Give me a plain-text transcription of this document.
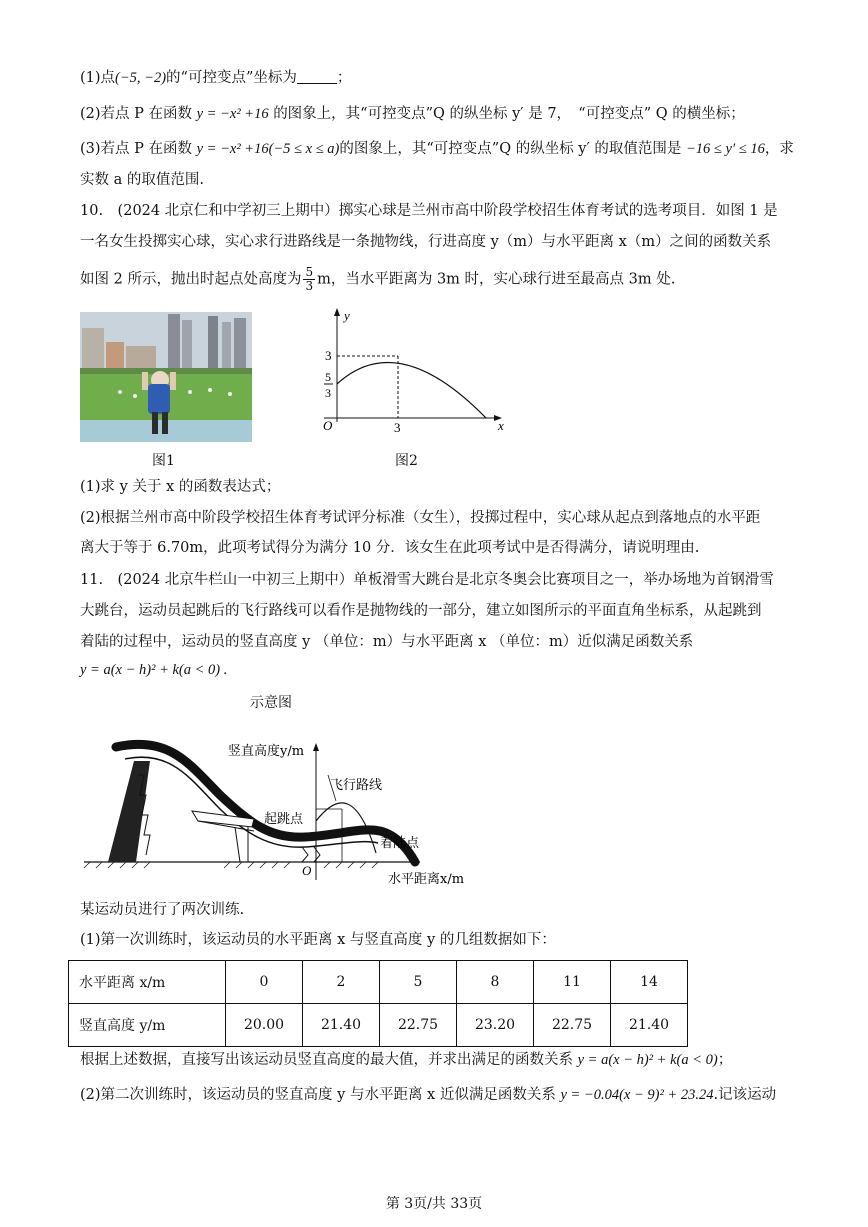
(1)点(−5, −2)的“可控变点”坐标为	；
(2)若点 P 在函数 y = −x² +16 的图象上，其“可控变点”Q 的纵坐标 y′ 是 7，　“可控变点” Q 的横坐标；
(3)若点 P 在函数 y = −x² +16(−5 ≤ x ≤ a)的图象上，其“可控变点”Q 的纵坐标 y′ 的取值范围是 −16 ≤ y′ ≤ 16，求
实数 a 的取值范围.
10.　(2024 北京仁和中学初三上期中）掷实心球是兰州市高中阶段学校招生体育考试的选考项目．如图 1 是
一名女生投掷实心球，实心求行进路线是一条抛物线，行进高度 y（m）与水平距离 x（m）之间的函数关系
如图 2 所示，抛出时起点处高度为 $\frac{5}{3}$ m，当水平距离为 3m 时，实心球行进至最高点 3m 处.
图1
y
x
O	3
3
5
3
图2
(1)求 y 关于 x 的函数表达式；
(2)根据兰州市高中阶段学校招生体育考试评分标准（女生），投掷过程中，实心球从起点到落地点的水平距
离大于等于 6.70m，此项考试得分为满分 10 分．该女生在此项考试中是否得满分，请说明理由.
11.　(2024 北京牛栏山一中初三上期中）单板滑雪大跳台是北京冬奥会比赛项目之一，举办场地为首钢滑雪
大跳台，运动员起跳后的飞行路线可以看作是抛物线的一部分，建立如图所示的平面直角坐标系，从起跳到
着陆的过程中，运动员的竖直高度 y （单位：m）与水平距离 x （单位：m）近似满足函数关系
y = a(x − h)² + k(a < 0) .
示意图
竖直高度y/m
飞行路线
起跳点
着陆点
O
水平距离x/m
某运动员进行了两次训练.
(1)第一次训练时，该运动员的水平距离 x 与竖直高度 y 的几组数据如下：
水平距离 x/m	0	2	5	8	11	14
竖直高度 y/m	20.00	21.40	22.75	23.20	22.75	21.40
根据上述数据，直接写出该运动员竖直高度的最大值，并求出满足的函数关系 y = a(x − h)² + k(a < 0)；
(2)第二次训练时，该运动员的竖直高度 y 与水平距离 x 近似满足函数关系 y = −0.04(x − 9)² + 23.24.记该运动
第 3页/共 33页
